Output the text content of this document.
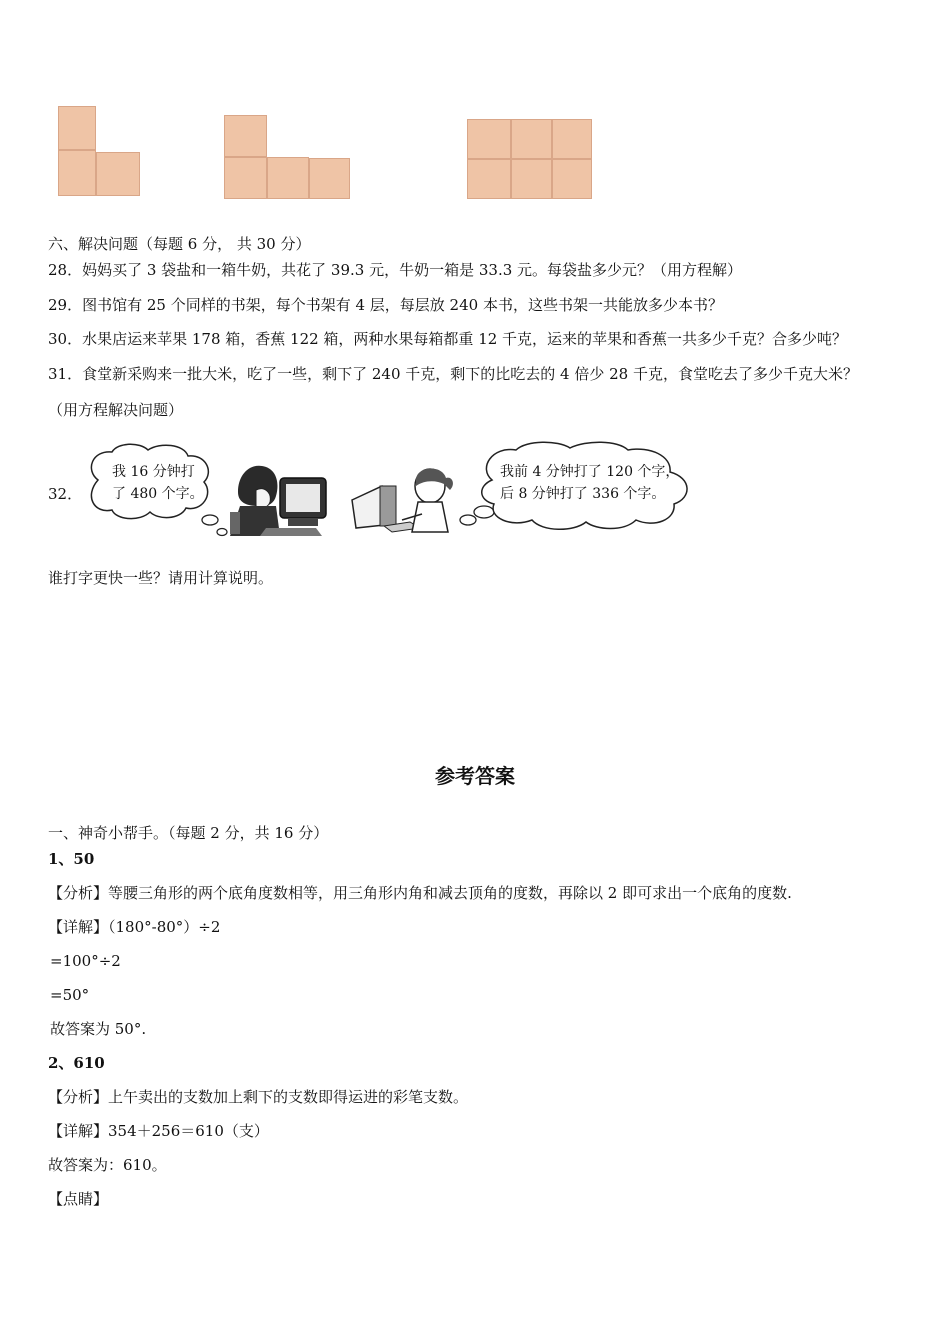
六、解决问题（每题 6 分， 共 30 分）
28．妈妈买了 3 袋盐和一箱牛奶，共花了 39.3 元，牛奶一箱是 33.3 元。每袋盐多少元？（用方程解）
29．图书馆有 25 个同样的书架，每个书架有 4 层，每层放 240 本书，这些书架一共能放多少本书？
30．水果店运来苹果 178 箱，香蕉 122 箱，两种水果每箱都重 12 千克，运来的苹果和香蕉一共多少千克？合多少吨？
31．食堂新采购来一批大米，吃了一些，剩下了 240 千克，剩下的比吃去的 4 倍少 28 千克，食堂吃去了多少千克大米？
（用方程解决问题）
32．
我 16 分钟打
了 480 个字。
我前 4 分钟打了 120 个字，
后 8 分钟打了 336 个字。
谁打字更快一些？请用计算说明。
参考答案
一、神奇小帮手。（每题 2 分，共 16 分）
1、50
【分析】等腰三角形的两个底角度数相等，用三角形内角和减去顶角的度数，再除以 2 即可求出一个底角的度数.
【详解】（180°-80°）÷2
=100°÷2
=50°
故答案为 50°.
2、610
【分析】上午卖出的支数加上剩下的支数即得运进的彩笔支数。
【详解】354＋256＝610（支）
故答案为：610。
【点睛】
